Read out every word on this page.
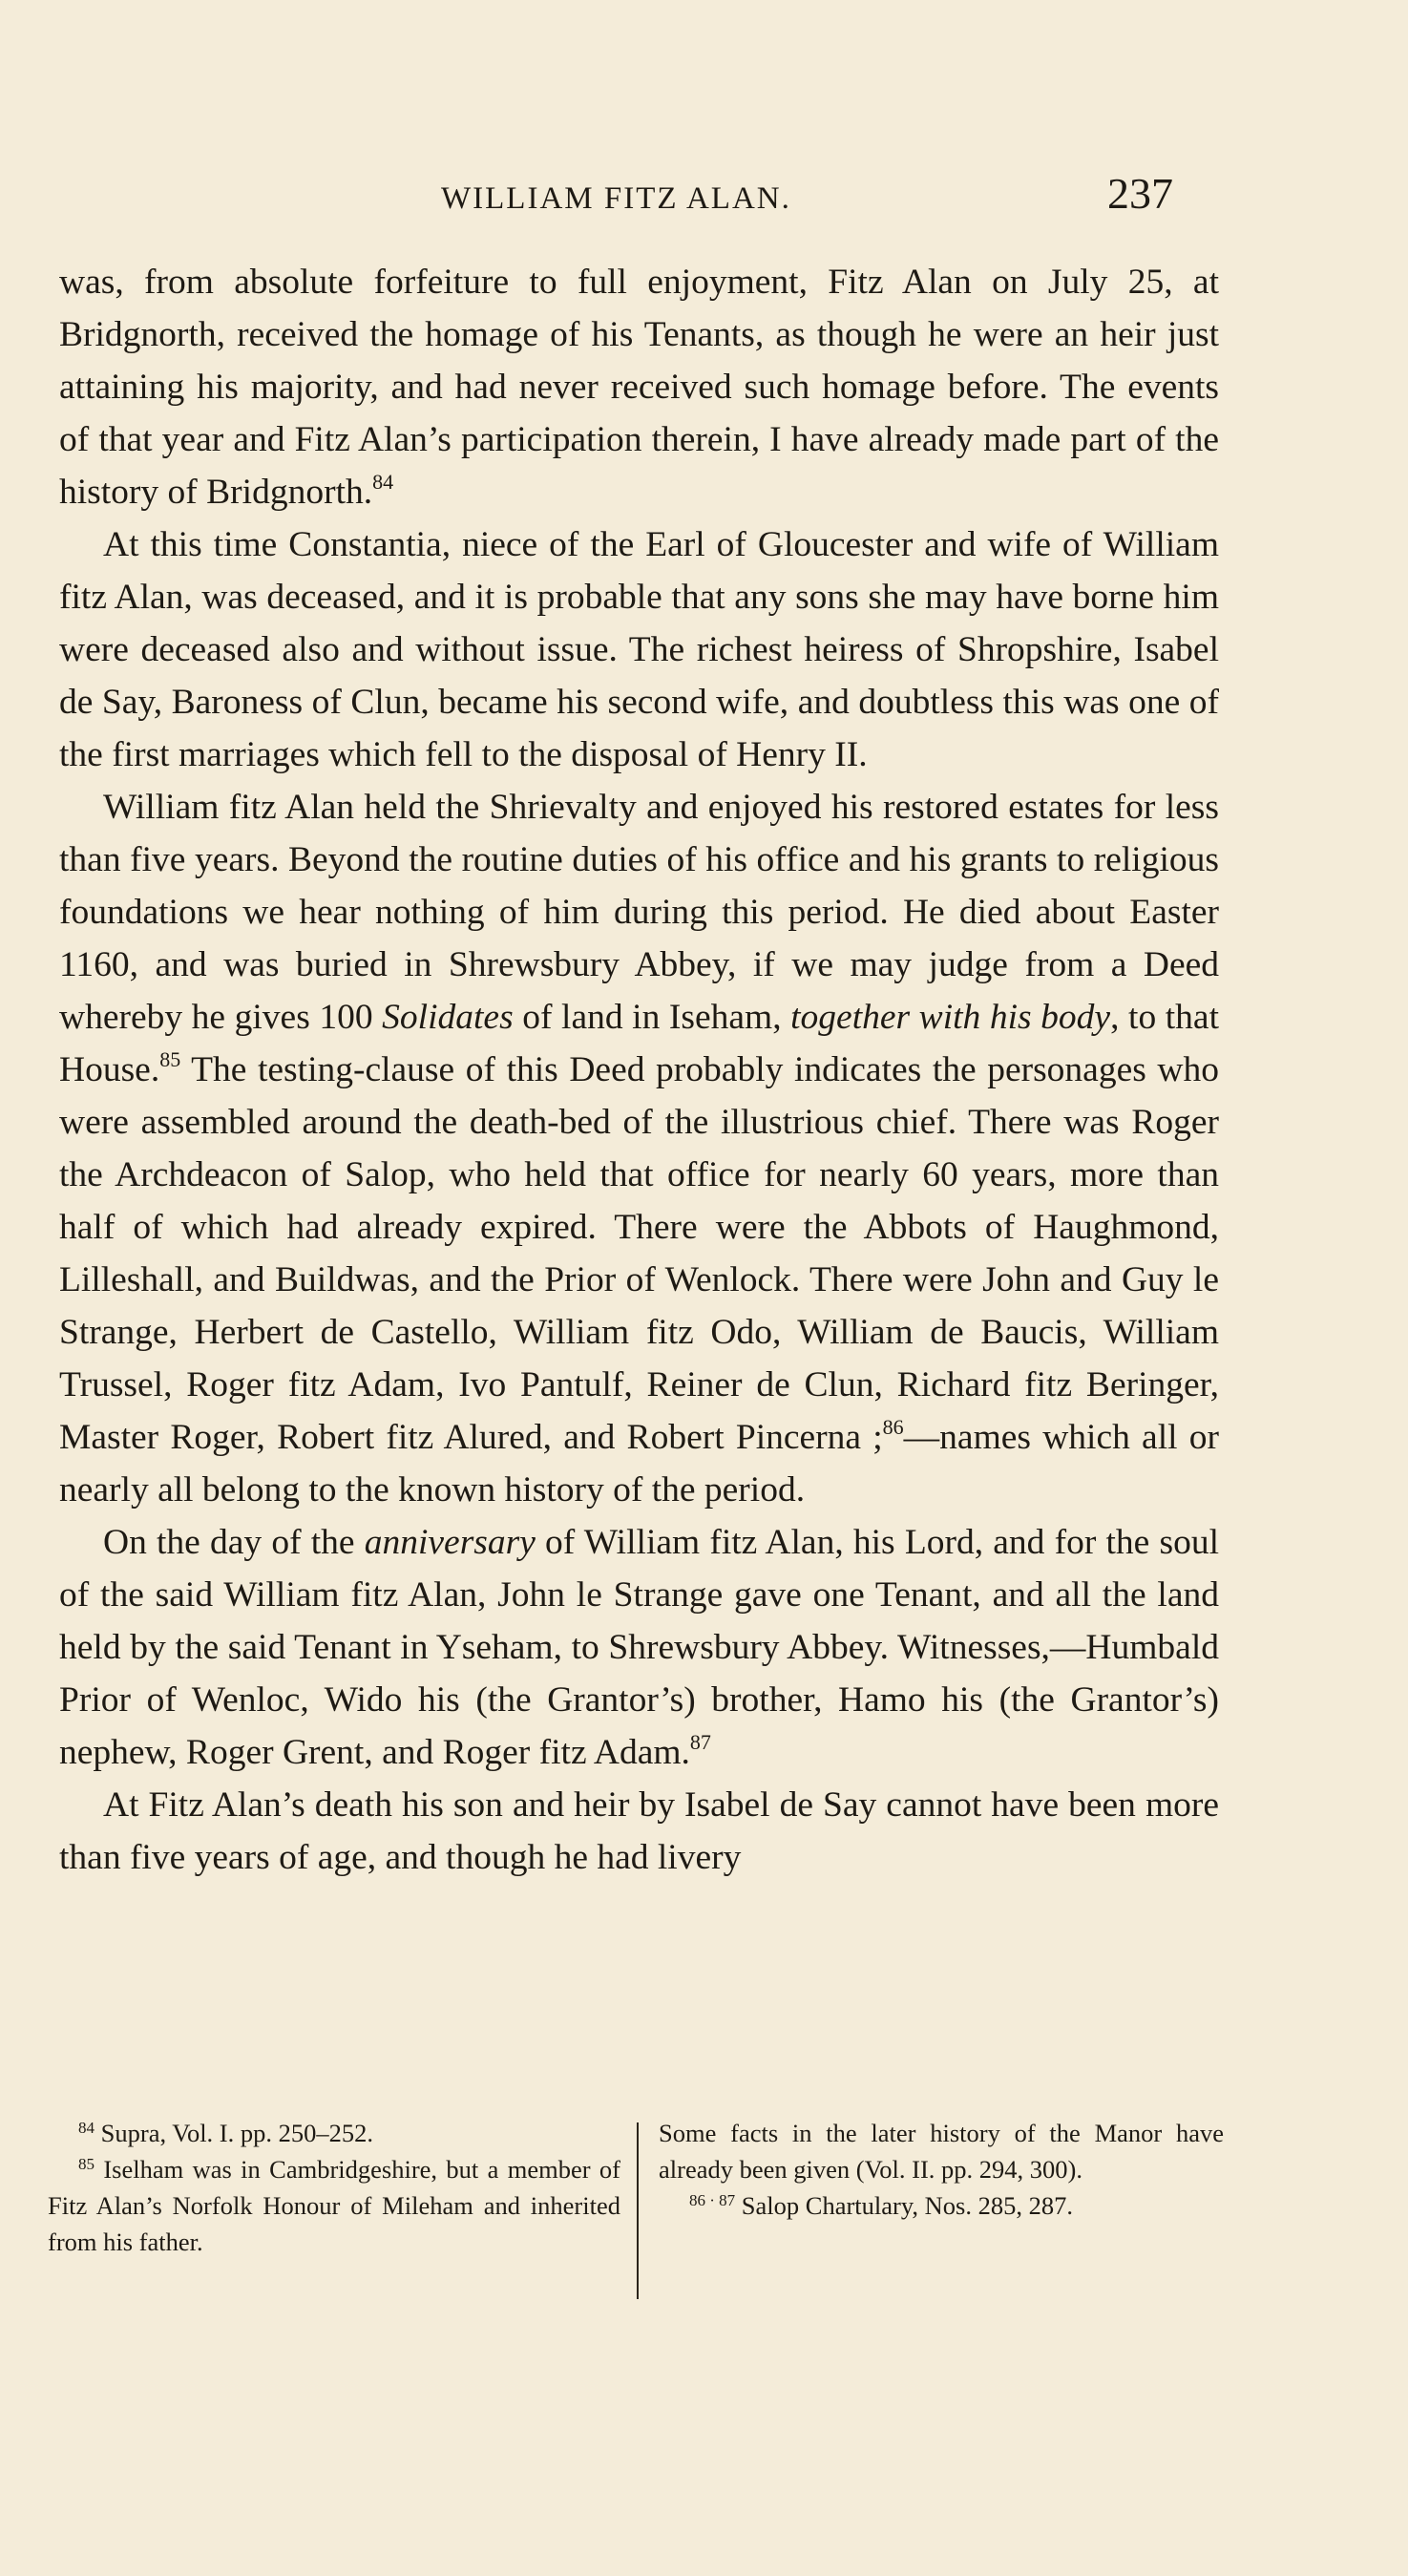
WILLIAM FITZ ALAN.	237

was, from absolute forfeiture to full enjoyment, Fitz Alan on July 25, at Bridgnorth, received the homage of his Tenants, as though he were an heir just attaining his majority, and had never received such homage before. The events of that year and Fitz Alan’s participation therein, I have already made part of the history of Bridgnorth.$^{84}$

At this time Constantia, niece of the Earl of Gloucester and wife of William fitz Alan, was deceased, and it is probable that any sons she may have borne him were deceased also and without issue. The richest heiress of Shropshire, Isabel de Say, Baroness of Clun, became his second wife, and doubtless this was one of the first marriages which fell to the disposal of Henry II.

William fitz Alan held the Shrievalty and enjoyed his restored estates for less than five years. Beyond the routine duties of his office and his grants to religious foundations we hear nothing of him during this period. He died about Easter 1160, and was buried in Shrewsbury Abbey, if we may judge from a Deed whereby he gives 100 Solidates of land in Iseham, together with his body, to that House.$^{85}$ The testing-clause of this Deed probably indicates the personages who were assembled around the death-bed of the illustrious chief. There was Roger the Archdeacon of Salop, who held that office for nearly 60 years, more than half of which had already expired. There were the Abbots of Haughmond, Lilleshall, and Buildwas, and the Prior of Wenlock. There were John and Guy le Strange, Herbert de Castello, William fitz Odo, William de Baucis, William Trussel, Roger fitz Adam, Ivo Pantulf, Reiner de Clun, Richard fitz Beringer, Master Roger, Robert fitz Alured, and Robert Pincerna ;$^{86}$—names which all or nearly all belong to the known history of the period.

On the day of the anniversary of William fitz Alan, his Lord, and for the soul of the said William fitz Alan, John le Strange gave one Tenant, and all the land held by the said Tenant in Yseham, to Shrewsbury Abbey. Witnesses,—Humbald Prior of Wenloc, Wido his (the Grantor’s) brother, Hamo his (the Grantor’s) nephew, Roger Grent, and Roger fitz Adam.$^{87}$

At Fitz Alan’s death his son and heir by Isabel de Say cannot have been more than five years of age, and though he had livery

$^{84}$ Supra, Vol. I. pp. 250–252.

$^{85}$ Iselham was in Cambridgeshire, but a member of Fitz Alan’s Norfolk Honour of Mileham and inherited from his father.

Some facts in the later history of the Manor have already been given (Vol. II. pp. 294, 300).

$^{86 \cdot 87}$ Salop Chartulary, Nos. 285, 287.
